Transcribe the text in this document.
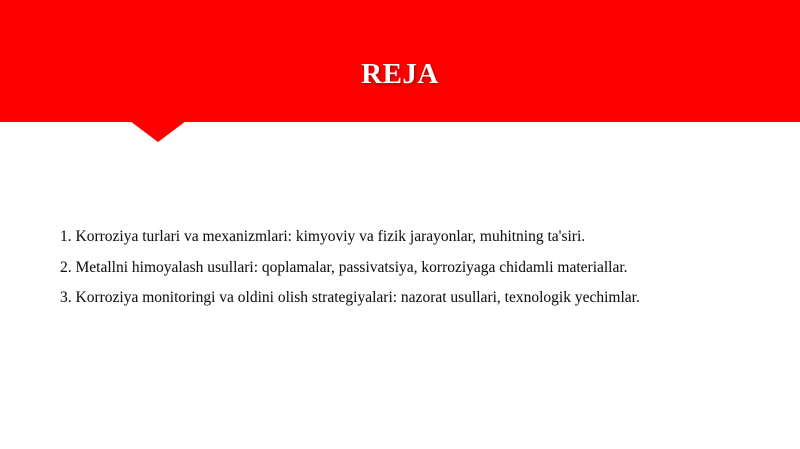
REJA
1. Korroziya turlari va mexanizmlari: kimyoviy va fizik jarayonlar, muhitning ta'siri.
2. Metallni himoyalash usullari: qoplamalar, passivatsiya, korroziyaga chidamli materiallar.
3. Korroziya monitoringi va oldini olish strategiyalari: nazorat usullari, texnologik yechimlar.
